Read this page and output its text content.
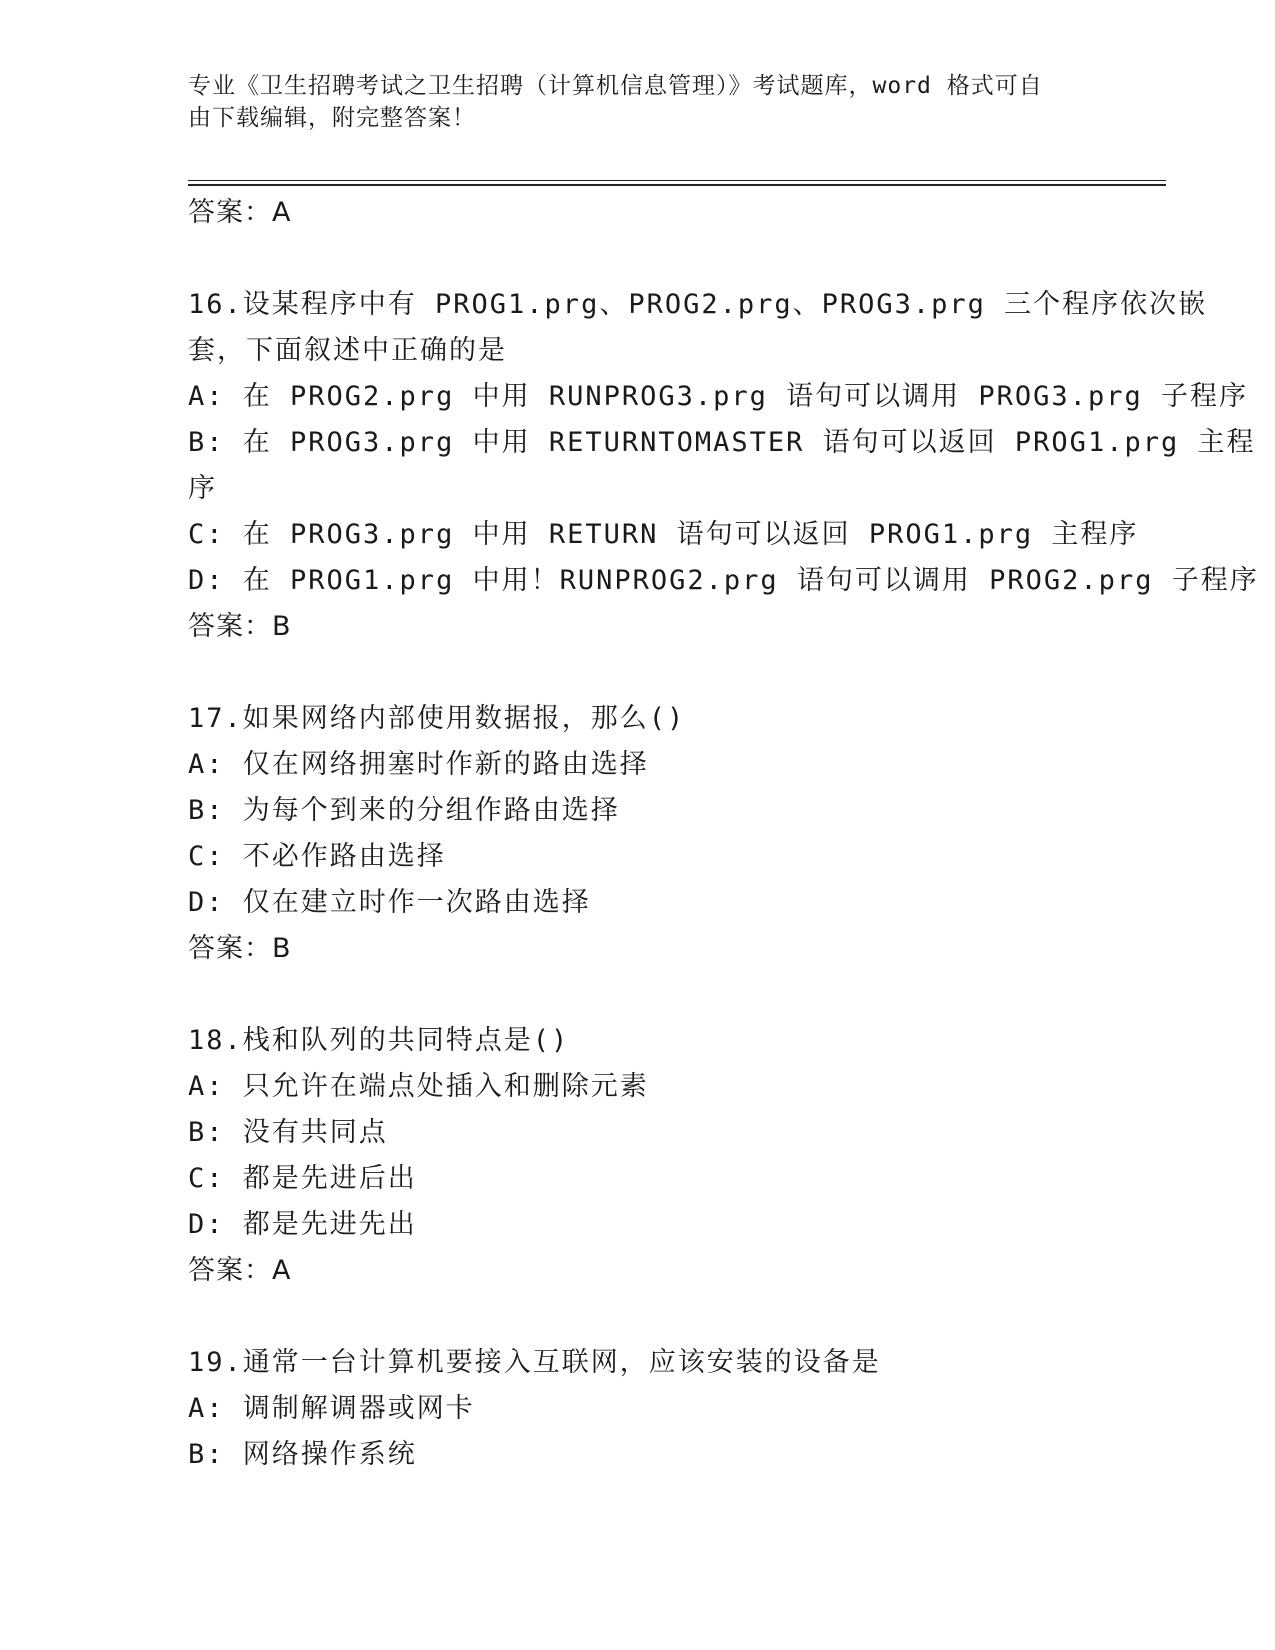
专业《卫生招聘考试之卫生招聘（计算机信息管理）》考试题库，word 格式可自
由下载编辑，附完整答案！
答案：A
16.设某程序中有 PROG1.prg、PROG2.prg、PROG3.prg 三个程序依次嵌
套，下面叙述中正确的是
A: 在 PROG2.prg 中用 RUNPROG3.prg 语句可以调用 PROG3.prg 子程序
B: 在 PROG3.prg 中用 RETURNTOMASTER 语句可以返回 PROG1.prg 主程
序
C: 在 PROG3.prg 中用 RETURN 语句可以返回 PROG1.prg 主程序
D: 在 PROG1.prg 中用！RUNPROG2.prg 语句可以调用 PROG2.prg 子程序
答案：B
17.如果网络内部使用数据报，那么()
A: 仅在网络拥塞时作新的路由选择
B: 为每个到来的分组作路由选择
C: 不必作路由选择
D: 仅在建立时作一次路由选择
答案：B
18.栈和队列的共同特点是()
A: 只允许在端点处插入和删除元素
B: 没有共同点
C: 都是先进后出
D: 都是先进先出
答案：A
19.通常一台计算机要接入互联网，应该安装的设备是
A: 调制解调器或网卡
B: 网络操作系统
